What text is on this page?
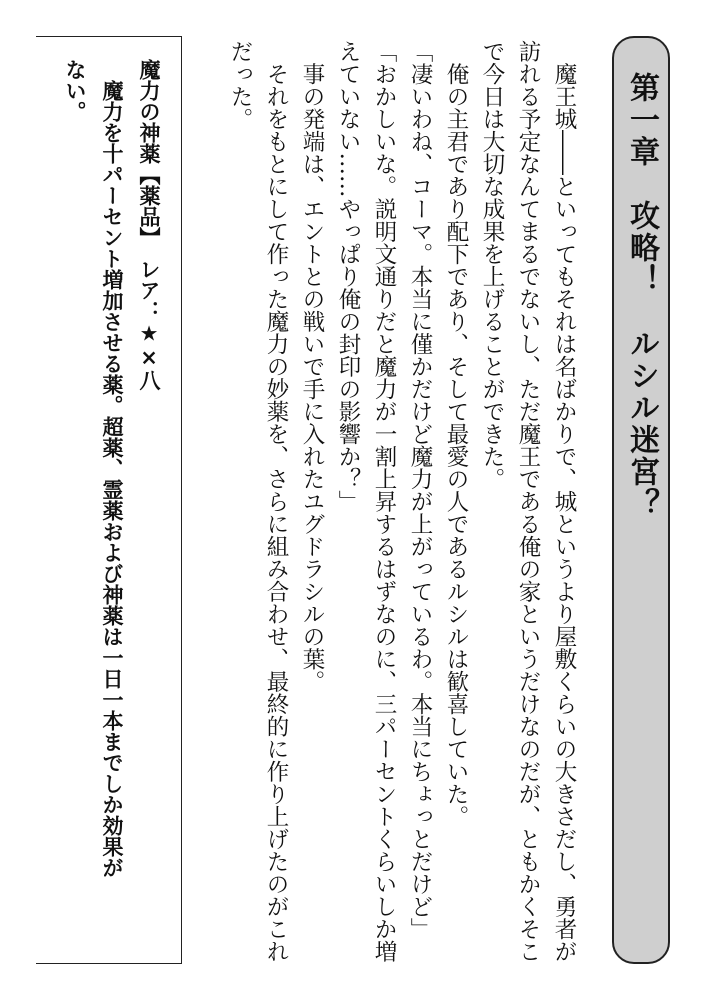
第一章　攻略！　ルシル迷宮？
　魔王城――といってもそれは名ばかりで、城というより屋敷くらいの大きさだし、勇者が
訪れる予定なんてまるでないし、ただ魔王である俺の家というだけなのだが、ともかくそこ
で今日は大切な成果を上げることができた。
　俺の主君であり配下であり、そして最愛の人であるルシルは歓喜していた。
「凄いわね、コーマ。本当に僅かだけど魔力が上がっているわ。本当にちょっとだけど」
「おかしいな。説明文通りだと魔力が一割上昇するはずなのに、三パーセントくらいしか増
えていない……やっぱり俺の封印の影響か？」
　事の発端は、エントとの戦いで手に入れたユグドラシルの葉。
　それをもとにして作った魔力の妙薬を、さらに組み合わせ、最終的に作り上げたのがこれ
だった。
魔力の神薬【薬品】　レア：★×八
　魔力を十パーセント増加させる薬。超薬、霊薬および神薬は一日一本までしか効果が
ない。
